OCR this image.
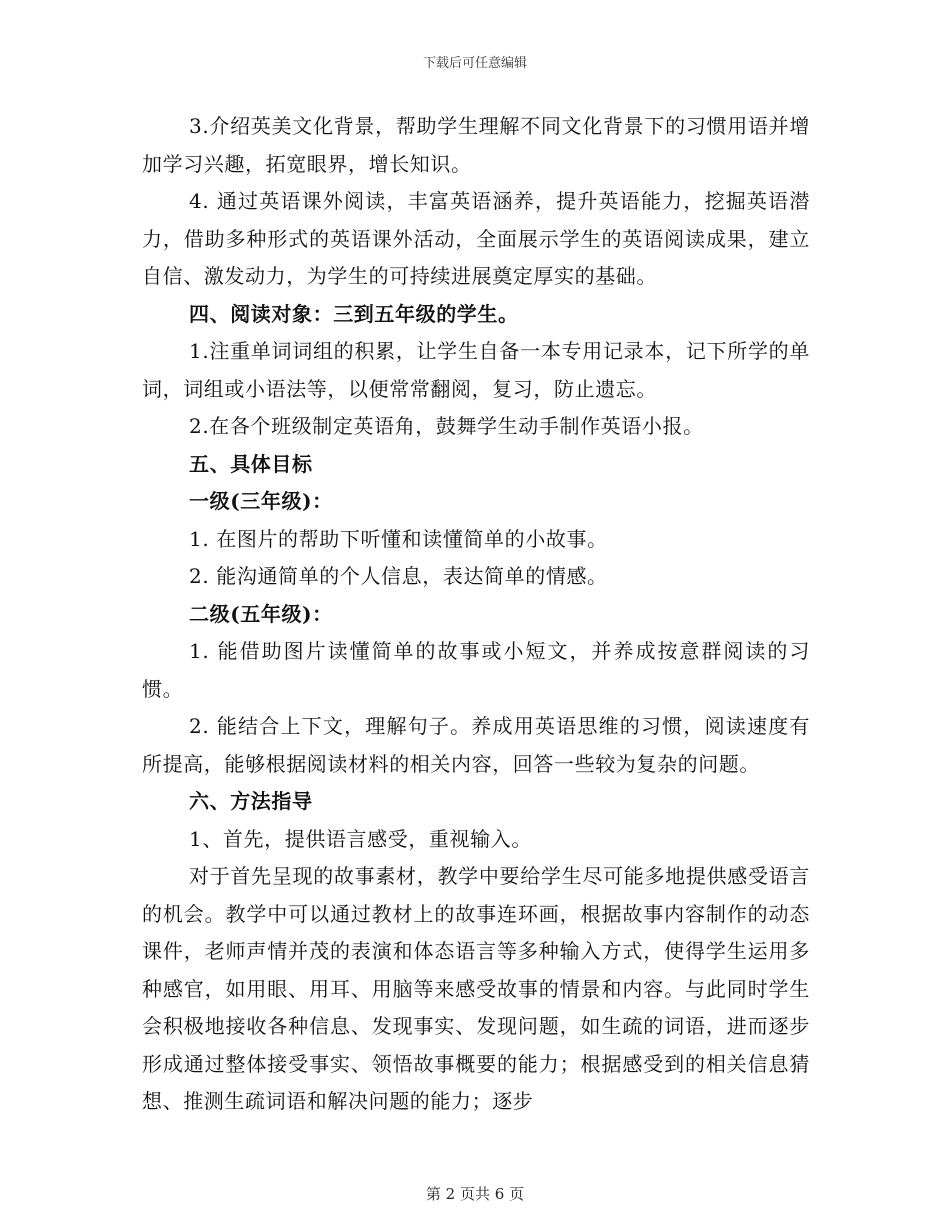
下载后可任意编辑

3.介绍英美文化背景，帮助学生理解不同文化背景下的习惯用语并增加学习兴趣，拓宽眼界，增长知识。

4. 通过英语课外阅读，丰富英语涵养，提升英语能力，挖掘英语潜力，借助多种形式的英语课外活动，全面展示学生的英语阅读成果，建立自信、激发动力，为学生的可持续进展奠定厚实的基础。

四、阅读对象：三到五年级的学生。

1.注重单词词组的积累，让学生自备一本专用记录本，记下所学的单词，词组或小语法等，以便常常翻阅，复习，防止遗忘。

2.在各个班级制定英语角，鼓舞学生动手制作英语小报。

五、具体目标

一级(三年级)：

1. 在图片的帮助下听懂和读懂简单的小故事。

2. 能沟通简单的个人信息，表达简单的情感。

二级(五年级)：

1. 能借助图片读懂简单的故事或小短文，并养成按意群阅读的习惯。

2. 能结合上下文，理解句子。养成用英语思维的习惯，阅读速度有所提高，能够根据阅读材料的相关内容，回答一些较为复杂的问题。

六、方法指导

1、首先，提供语言感受，重视输入。

对于首先呈现的故事素材，教学中要给学生尽可能多地提供感受语言的机会。教学中可以通过教材上的故事连环画，根据故事内容制作的动态课件，老师声情并茂的表演和体态语言等多种输入方式，使得学生运用多种感官，如用眼、用耳、用脑等来感受故事的情景和内容。与此同时学生会积极地接收各种信息、发现事实、发现问题，如生疏的词语，进而逐步形成通过整体接受事实、领悟故事概要的能力；根据感受到的相关信息猜想、推测生疏词语和解决问题的能力；逐步

第 2 页共 6 页
